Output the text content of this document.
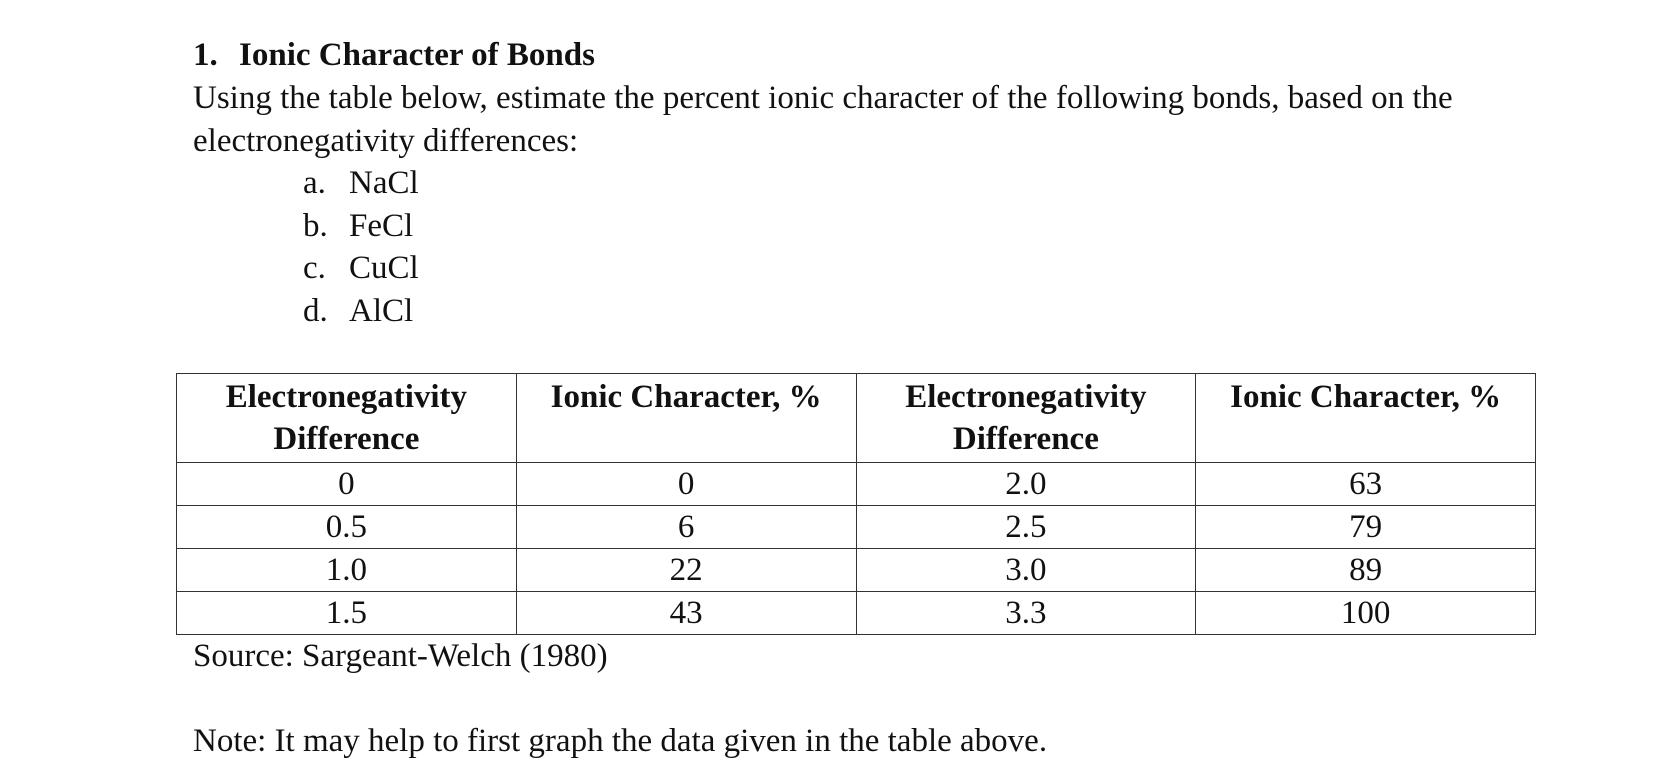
1. Ionic Character of Bonds

Using the table below, estimate the percent ionic character of the following bonds, based on the electronegativity differences:

a. NaCl
b. FeCl
c. CuCl
d. AlCl
Electronegativity Difference	Ionic Character, %	Electronegativity Difference	Ionic Character, %
0	0	2.0	63
0.5	6	2.5	79
1.0	22	3.0	89
1.5	43	3.3	100
Source: Sargeant-Welch (1980)
Note: It may help to first graph the data given in the table above.
